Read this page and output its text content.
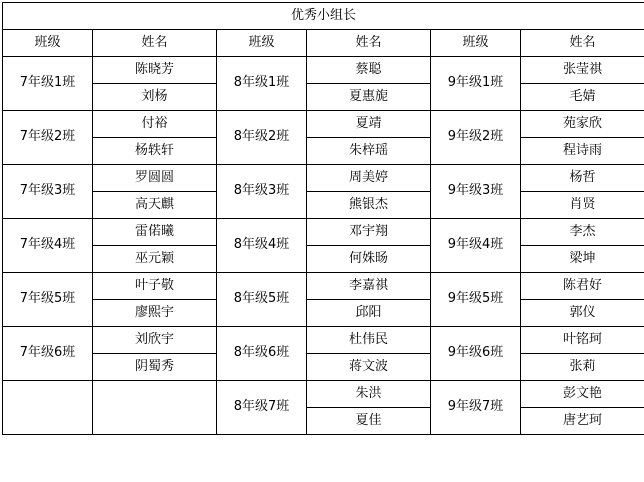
优秀小组长					
班级	姓名	班级	姓名	班级	姓名
7年级1班	陈晓芳	8年级1班	蔡聪	9年级1班	张莹祺
	刘杨		夏惠旎		毛婧
7年级2班	付裕	8年级2班	夏靖	9年级2班	苑家欣
	杨轶轩		朱梓瑶		程诗雨
7年级3班	罗圆圆	8年级3班	周美婷	9年级3班	杨哲
	高天麒		熊银杰		肖贤
7年级4班	雷偌曦	8年级4班	邓宇翔	9年级4班	李杰
	巫元颖		何姝旸		梁坤
7年级5班	叶子敬	8年级5班	李嘉祺	9年级5班	陈君好
	廖熙宇		邱阳		郭仪
7年级6班	刘欣宇	8年级6班	杜伟民	9年级6班	叶铭珂
	阴蜀秀		蒋文波		张莉
		8年级7班	朱洪	9年级7班	彭文艳
			夏佳		唐艺珂
